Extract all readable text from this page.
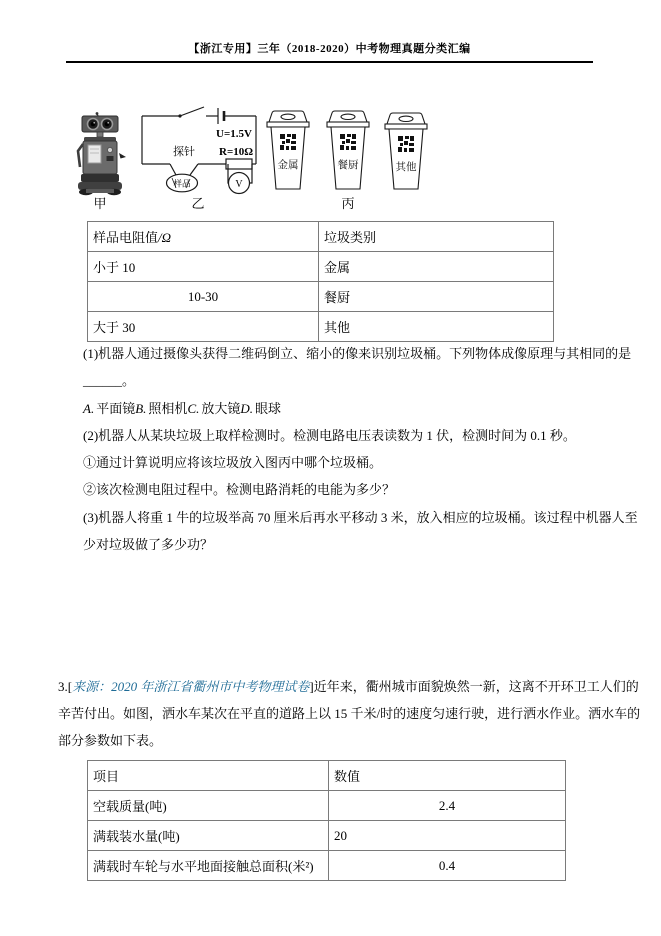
【浙江专用】三年（2018-2020）中考物理真题分类汇编
甲
U=1.5V
R=10Ω
探针
样品	V
乙
金属	餐厨	其他
丙
样品电阻值/Ω	垃圾类别
小于 10	金属
10-30	餐厨
大于 30	其他
(1)机器人通过摄像头获得二维码倒立、缩小的像来识别垃圾桶。下列物体成像原理与其相同的是
______。
A. 平面镜B. 照相机C. 放大镜D. 眼球
(2)机器人从某块垃圾上取样检测时。检测电路电压表读数为 1 伏，检测时间为 0.1 秒。
①通过计算说明应将该垃圾放入图丙中哪个垃圾桶。
②该次检测电阻过程中。检测电路消耗的电能为多少？
(3)机器人将重 1 牛的垃圾举高 70 厘米后再水平移动 3 米，放入相应的垃圾桶。该过程中机器人至
少对垃圾做了多少功？
3.[来源：2020 年浙江省衢州市中考物理试卷]近年来，衢州城市面貌焕然一新，这离不开环卫工人们的
辛苦付出。如图，洒水车某次在平直的道路上以 15 千米/时的速度匀速行驶，进行洒水作业。洒水车的
部分参数如下表。
项目	数值
空载质量(吨)	2.4
满载装水量(吨)	20
满载时车轮与水平地面接触总面积(米²)	0.4
